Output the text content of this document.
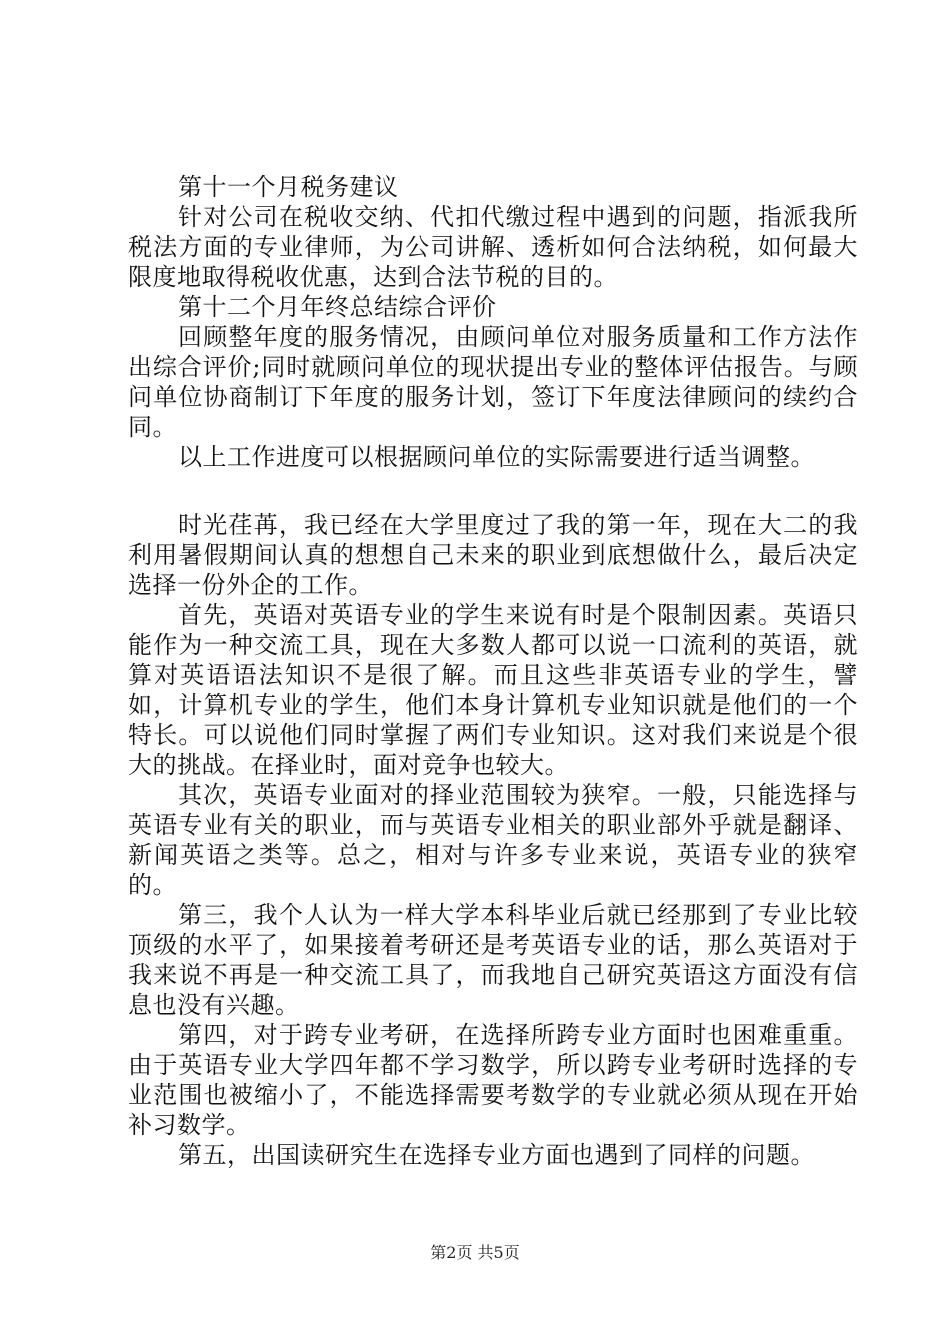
第十一个月税务建议

针对公司在税收交纳、代扣代缴过程中遇到的问题，指派我所税法方面的专业律师，为公司讲解、透析如何合法纳税，如何最大限度地取得税收优惠，达到合法节税的目的。

第十二个月年终总结综合评价

回顾整年度的服务情况，由顾问单位对服务质量和工作方法作出综合评价;同时就顾问单位的现状提出专业的整体评估报告。与顾问单位协商制订下年度的服务计划，签订下年度法律顾问的续约合同。

以上工作进度可以根据顾问单位的实际需要进行适当调整。

时光荏苒，我已经在大学里度过了我的第一年，现在大二的我利用暑假期间认真的想想自己未来的职业到底想做什么，最后决定选择一份外企的工作。

首先，英语对英语专业的学生来说有时是个限制因素。英语只能作为一种交流工具，现在大多数人都可以说一口流利的英语，就算对英语语法知识不是很了解。而且这些非英语专业的学生，譬如，计算机专业的学生，他们本身计算机专业知识就是他们的一个特长。可以说他们同时掌握了两们专业知识。这对我们来说是个很大的挑战。在择业时，面对竞争也较大。

其次，英语专业面对的择业范围较为狭窄。一般，只能选择与英语专业有关的职业，而与英语专业相关的职业部外乎就是翻译、新闻英语之类等。总之，相对与许多专业来说，英语专业的狭窄的。

第三，我个人认为一样大学本科毕业后就已经那到了专业比较顶级的水平了，如果接着考研还是考英语专业的话，那么英语对于我来说不再是一种交流工具了，而我地自己研究英语这方面没有信息也没有兴趣。

第四，对于跨专业考研，在选择所跨专业方面时也困难重重。由于英语专业大学四年都不学习数学，所以跨专业考研时选择的专业范围也被缩小了，不能选择需要考数学的专业就必须从现在开始补习数学。

第五，出国读研究生在选择专业方面也遇到了同样的问题。

第2页 共5页
